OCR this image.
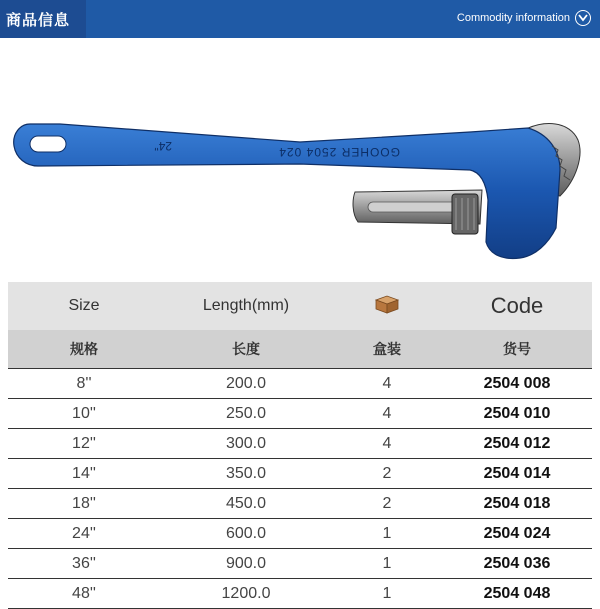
商品信息	Commodity information
GOOHER 2504 024
24"
Size	Length(mm)		Code
规格	长度	盒装	货号
8''	200.0	4	2504 008
10''	250.0	4	2504 010
12''	300.0	4	2504 012
14''	350.0	2	2504 014
18''	450.0	2	2504 018
24''	600.0	1	2504 024
36''	900.0	1	2504 036
48''	1200.0	1	2504 048
